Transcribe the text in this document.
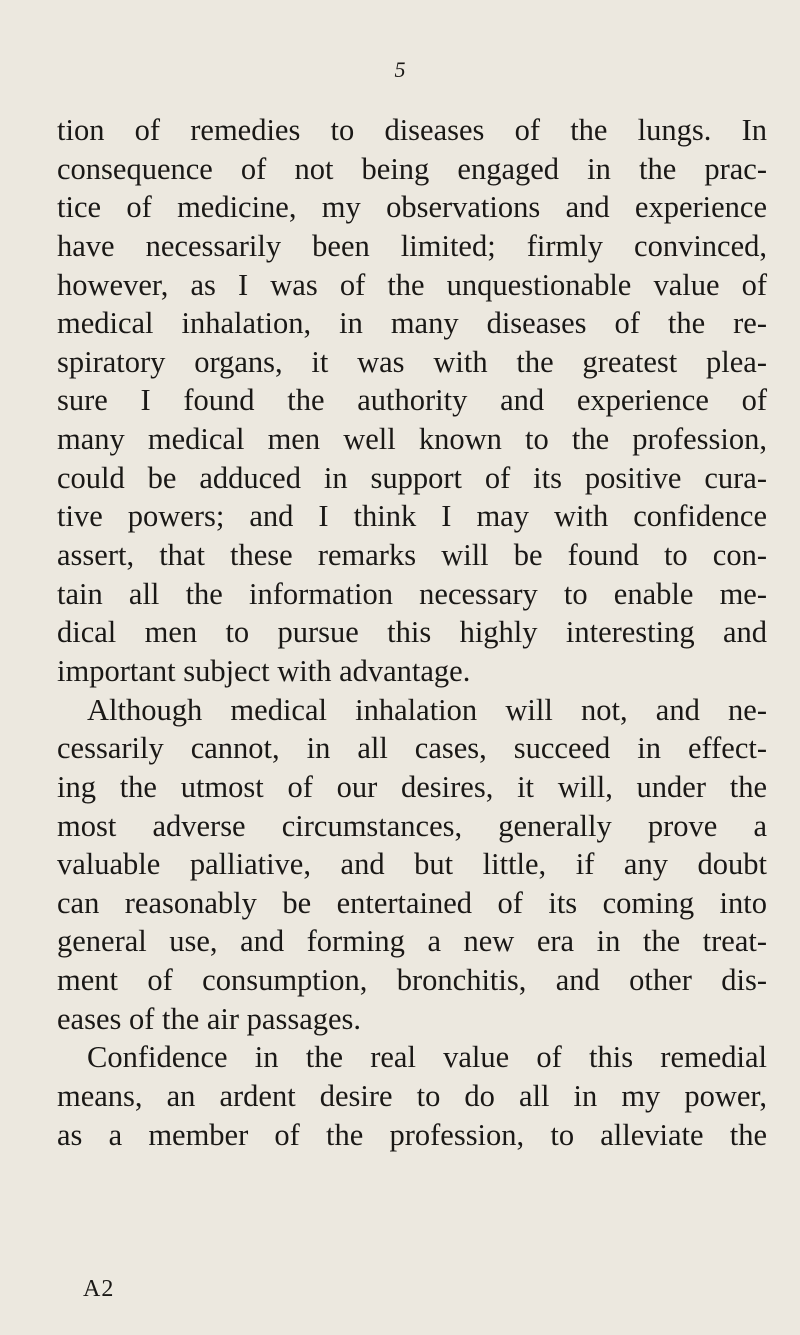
5
tion of remedies to diseases of the lungs. In
consequence of not being engaged in the prac-
tice of medicine, my observations and experience
have necessarily been limited; firmly convinced,
however, as I was of the unquestionable value of
medical inhalation, in many diseases of the re-
spiratory organs, it was with the greatest plea-
sure I found the authority and experience of
many medical men well known to the profession,
could be adduced in support of its positive cura-
tive powers; and I think I may with confidence
assert, that these remarks will be found to con-
tain all the information necessary to enable me-
dical men to pursue this highly interesting and
important subject with advantage.
Although medical inhalation will not, and ne-
cessarily cannot, in all cases, succeed in effect-
ing the utmost of our desires, it will, under the
most adverse circumstances, generally prove a
valuable palliative, and but little, if any doubt
can reasonably be entertained of its coming into
general use, and forming a new era in the treat-
ment of consumption, bronchitis, and other dis-
eases of the air passages.
Confidence in the real value of this remedial
means, an ardent desire to do all in my power,
as a member of the profession, to alleviate the
A2
